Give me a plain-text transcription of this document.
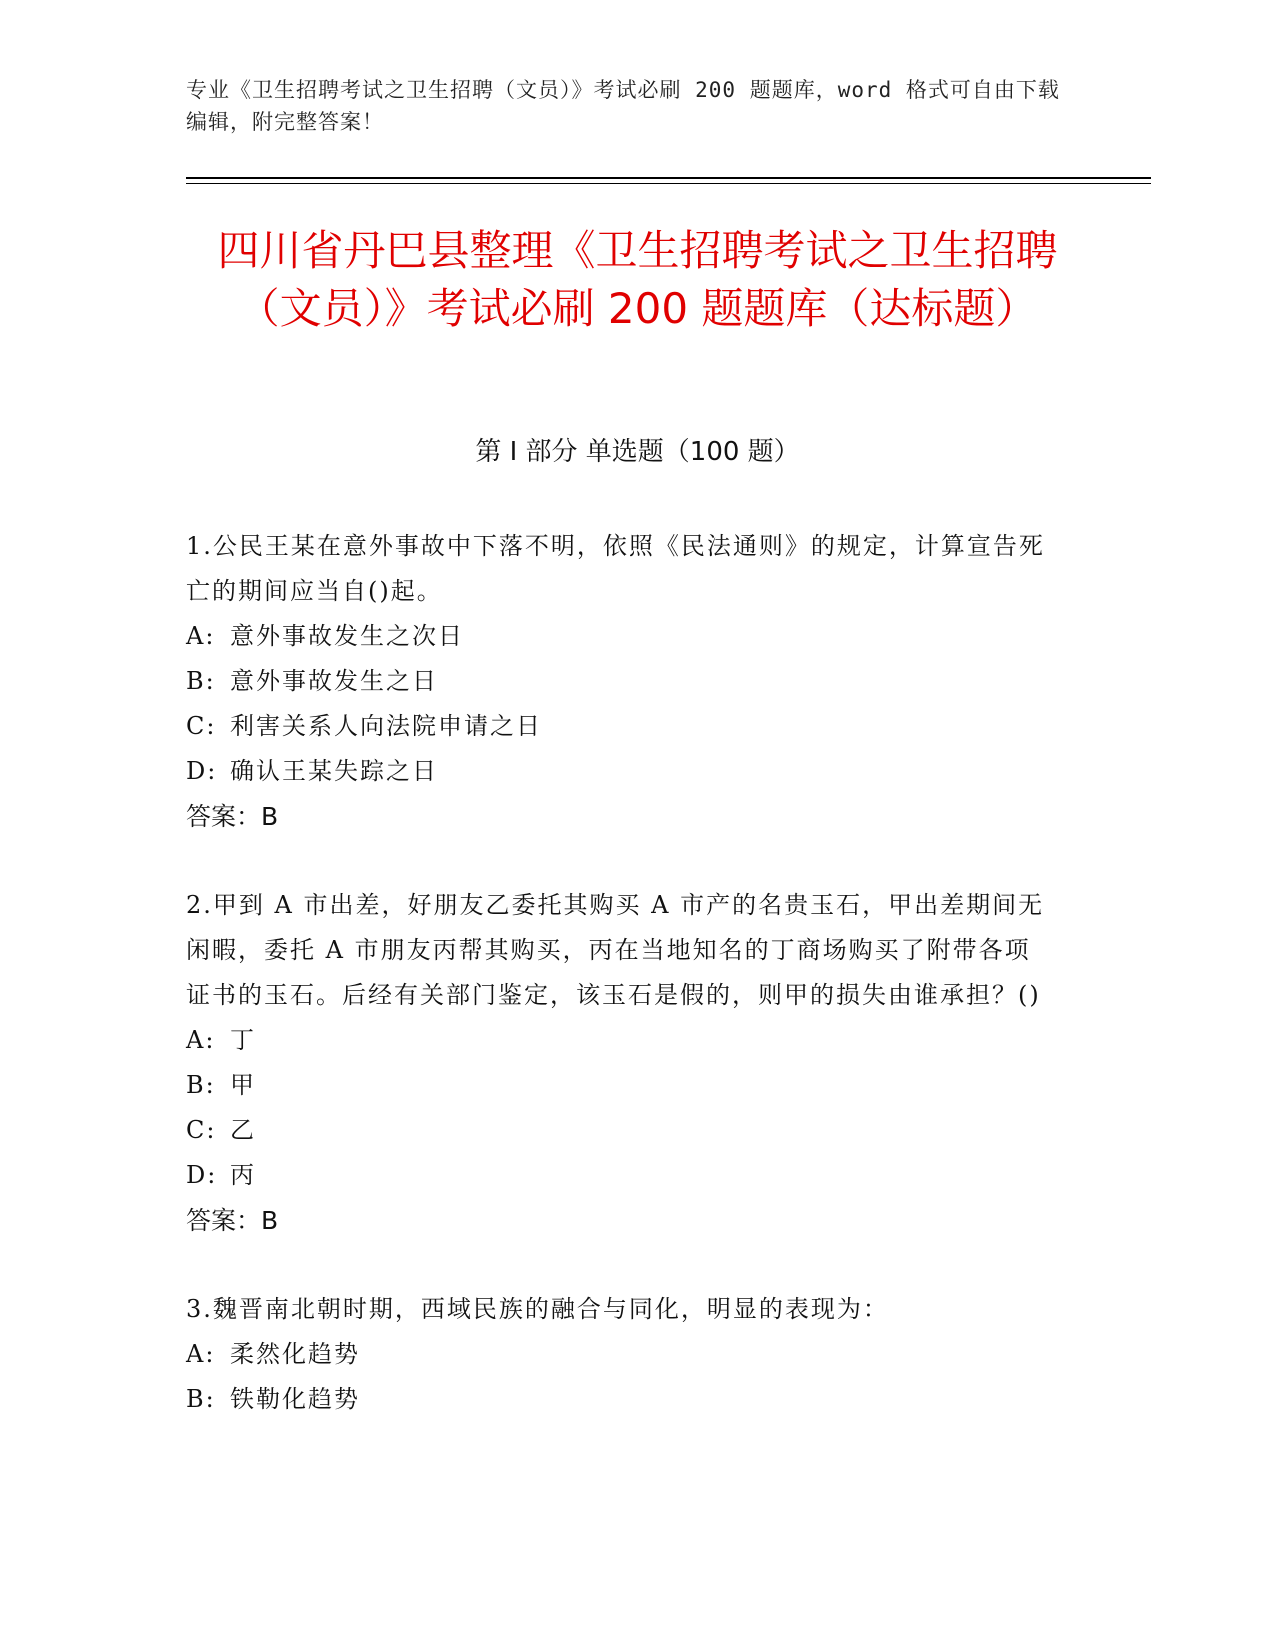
专业《卫生招聘考试之卫生招聘（文员）》考试必刷 200 题题库，word 格式可自由下载编辑，附完整答案！
四川省丹巴县整理《卫生招聘考试之卫生招聘（文员）》考试必刷 200 题题库（达标题）
第 I 部分 单选题（100 题）

1.公民王某在意外事故中下落不明，依照《民法通则》的规定，计算宣告死亡的期间应当自()起。

A: 意外事故发生之次日

B: 意外事故发生之日

C: 利害关系人向法院申请之日

D: 确认王某失踪之日

答案：B

2.甲到 A 市出差，好朋友乙委托其购买 A 市产的名贵玉石，甲出差期间无闲暇，委托 A 市朋友丙帮其购买，丙在当地知名的丁商场购买了附带各项证书的玉石。后经有关部门鉴定，该玉石是假的，则甲的损失由谁承担？()

A: 丁

B: 甲

C: 乙

D: 丙

答案：B

3.魏晋南北朝时期，西域民族的融合与同化，明显的表现为：

A: 柔然化趋势

B: 铁勒化趋势
